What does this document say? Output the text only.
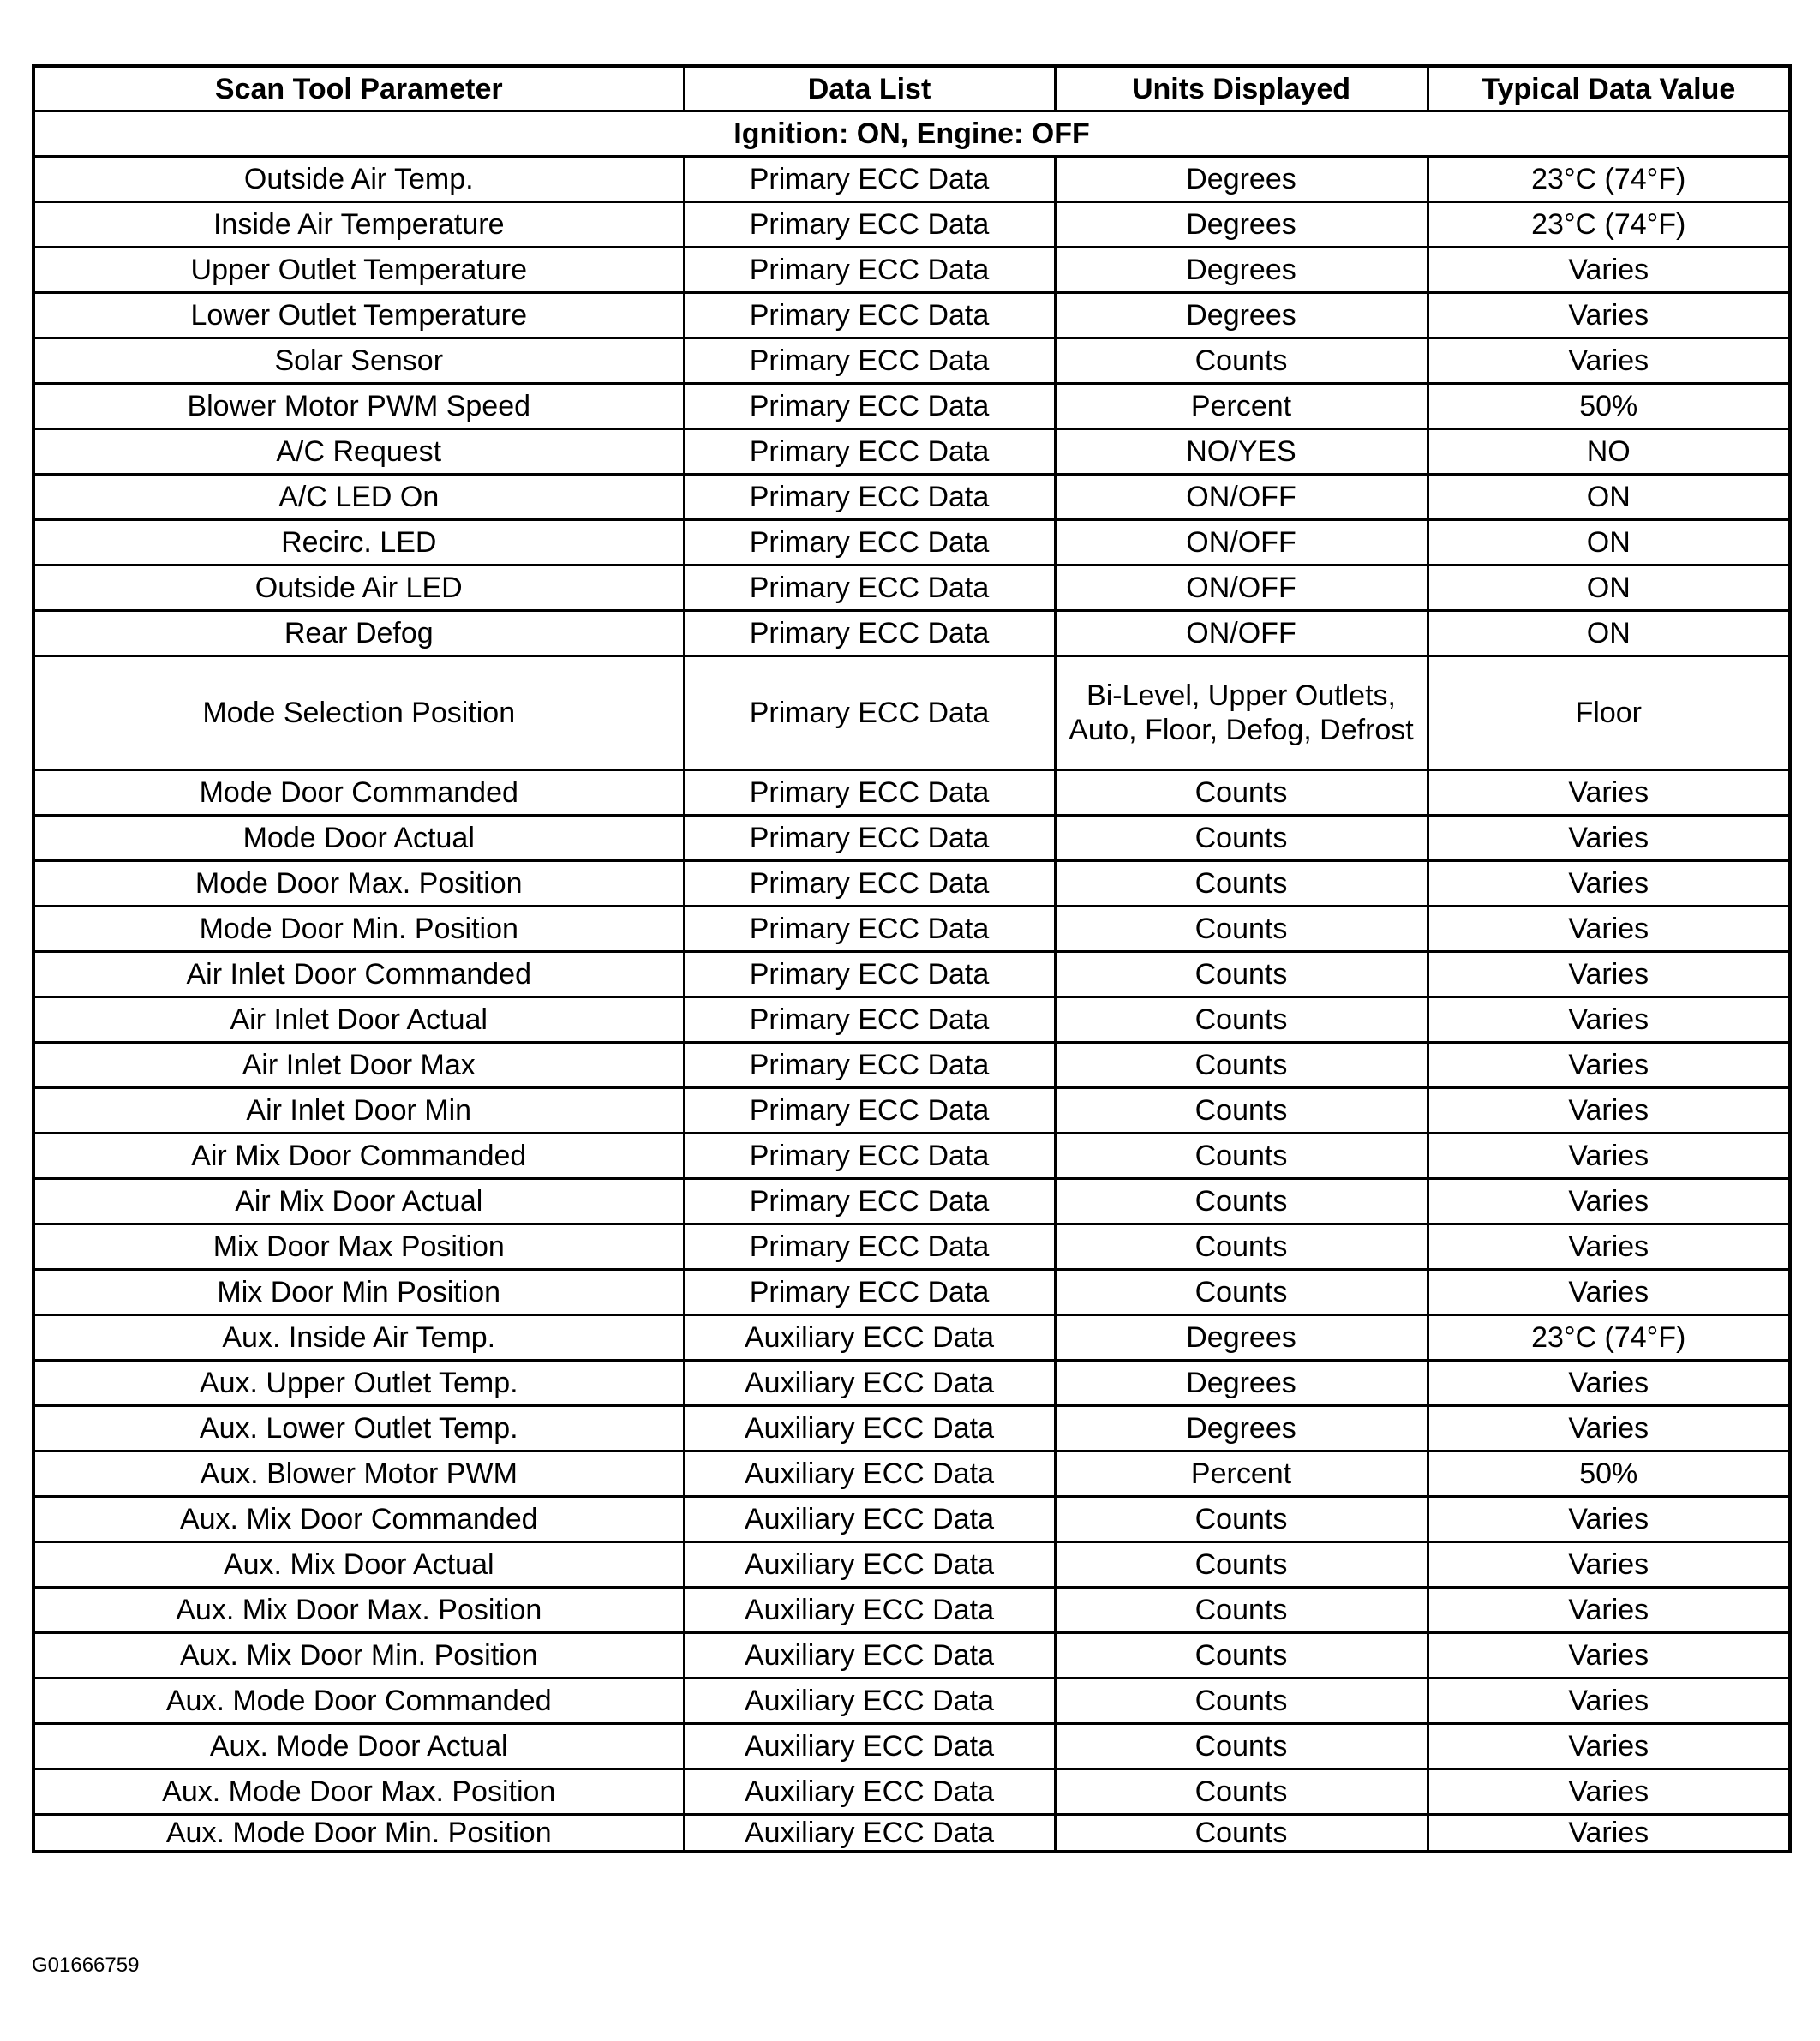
Scan Tool Parameter	Data List	Units Displayed	Typical Data Value
Ignition: ON, Engine: OFF			
Outside Air Temp.	Primary ECC Data	Degrees	23°C (74°F)
Inside Air Temperature	Primary ECC Data	Degrees	23°C (74°F)
Upper Outlet Temperature	Primary ECC Data	Degrees	Varies
Lower Outlet Temperature	Primary ECC Data	Degrees	Varies
Solar Sensor	Primary ECC Data	Counts	Varies
Blower Motor PWM Speed	Primary ECC Data	Percent	50%
A/C Request	Primary ECC Data	NO/YES	NO
A/C LED On	Primary ECC Data	ON/OFF	ON
Recirc. LED	Primary ECC Data	ON/OFF	ON
Outside Air LED	Primary ECC Data	ON/OFF	ON
Rear Defog	Primary ECC Data	ON/OFF	ON
Mode Selection Position	Primary ECC Data	Bi-Level, Upper Outlets, Auto, Floor, Defog, Defrost	Floor
Mode Door Commanded	Primary ECC Data	Counts	Varies
Mode Door Actual	Primary ECC Data	Counts	Varies
Mode Door Max. Position	Primary ECC Data	Counts	Varies
Mode Door Min. Position	Primary ECC Data	Counts	Varies
Air Inlet Door Commanded	Primary ECC Data	Counts	Varies
Air Inlet Door Actual	Primary ECC Data	Counts	Varies
Air Inlet Door Max	Primary ECC Data	Counts	Varies
Air Inlet Door Min	Primary ECC Data	Counts	Varies
Air Mix Door Commanded	Primary ECC Data	Counts	Varies
Air Mix Door Actual	Primary ECC Data	Counts	Varies
Mix Door Max Position	Primary ECC Data	Counts	Varies
Mix Door Min Position	Primary ECC Data	Counts	Varies
Aux. Inside Air Temp.	Auxiliary ECC Data	Degrees	23°C (74°F)
Aux. Upper Outlet Temp.	Auxiliary ECC Data	Degrees	Varies
Aux. Lower Outlet Temp.	Auxiliary ECC Data	Degrees	Varies
Aux. Blower Motor PWM	Auxiliary ECC Data	Percent	50%
Aux. Mix Door Commanded	Auxiliary ECC Data	Counts	Varies
Aux. Mix Door Actual	Auxiliary ECC Data	Counts	Varies
Aux. Mix Door Max. Position	Auxiliary ECC Data	Counts	Varies
Aux. Mix Door Min. Position	Auxiliary ECC Data	Counts	Varies
Aux. Mode Door Commanded	Auxiliary ECC Data	Counts	Varies
Aux. Mode Door Actual	Auxiliary ECC Data	Counts	Varies
Aux. Mode Door Max. Position	Auxiliary ECC Data	Counts	Varies
Aux. Mode Door Min. Position	Auxiliary ECC Data	Counts	Varies
G01666759
